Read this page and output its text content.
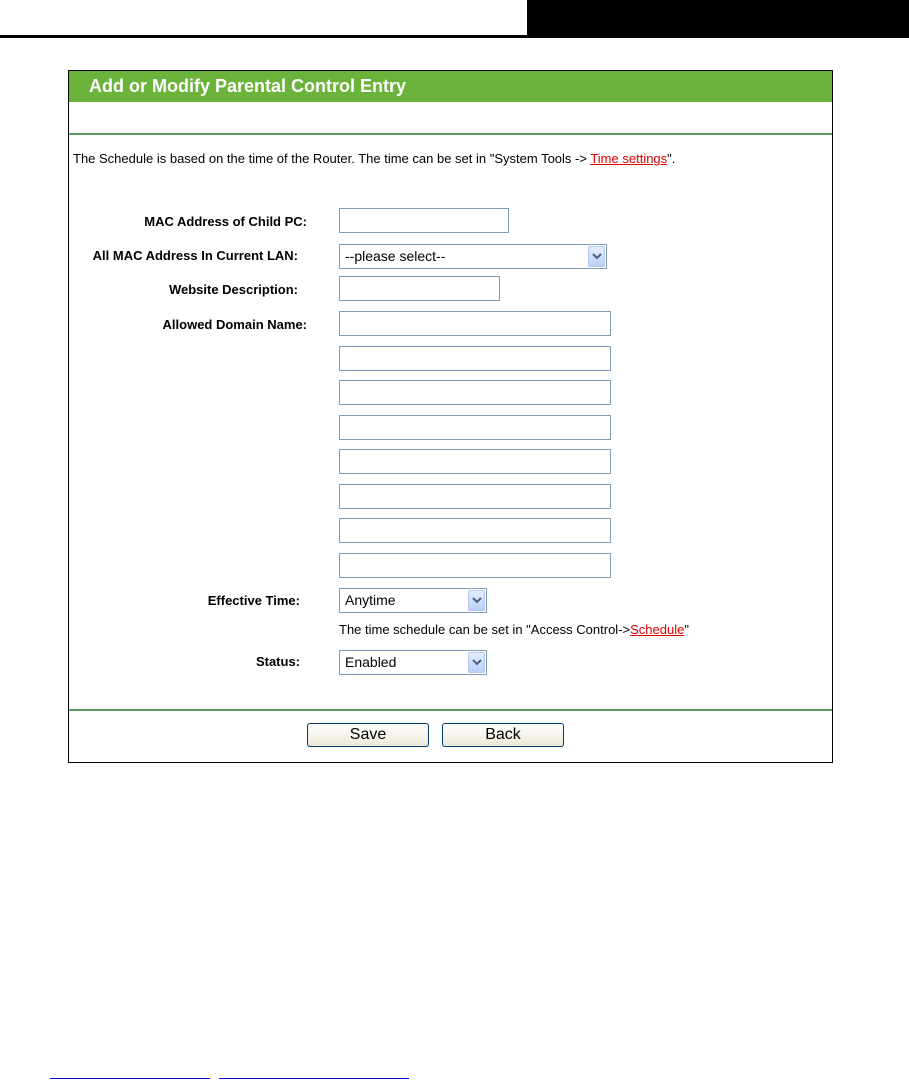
Add or Modify Parental Control Entry
The Schedule is based on the time of the Router. The time can be set in "System Tools -> Time settings".
MAC Address of Child PC:
All MAC Address In Current LAN:	--please select--
Website Description:
Allowed Domain Name:
Effective Time:	Anytime
The time schedule can be set in "Access Control->Schedule"
Status:	Enabled
Save	Back
